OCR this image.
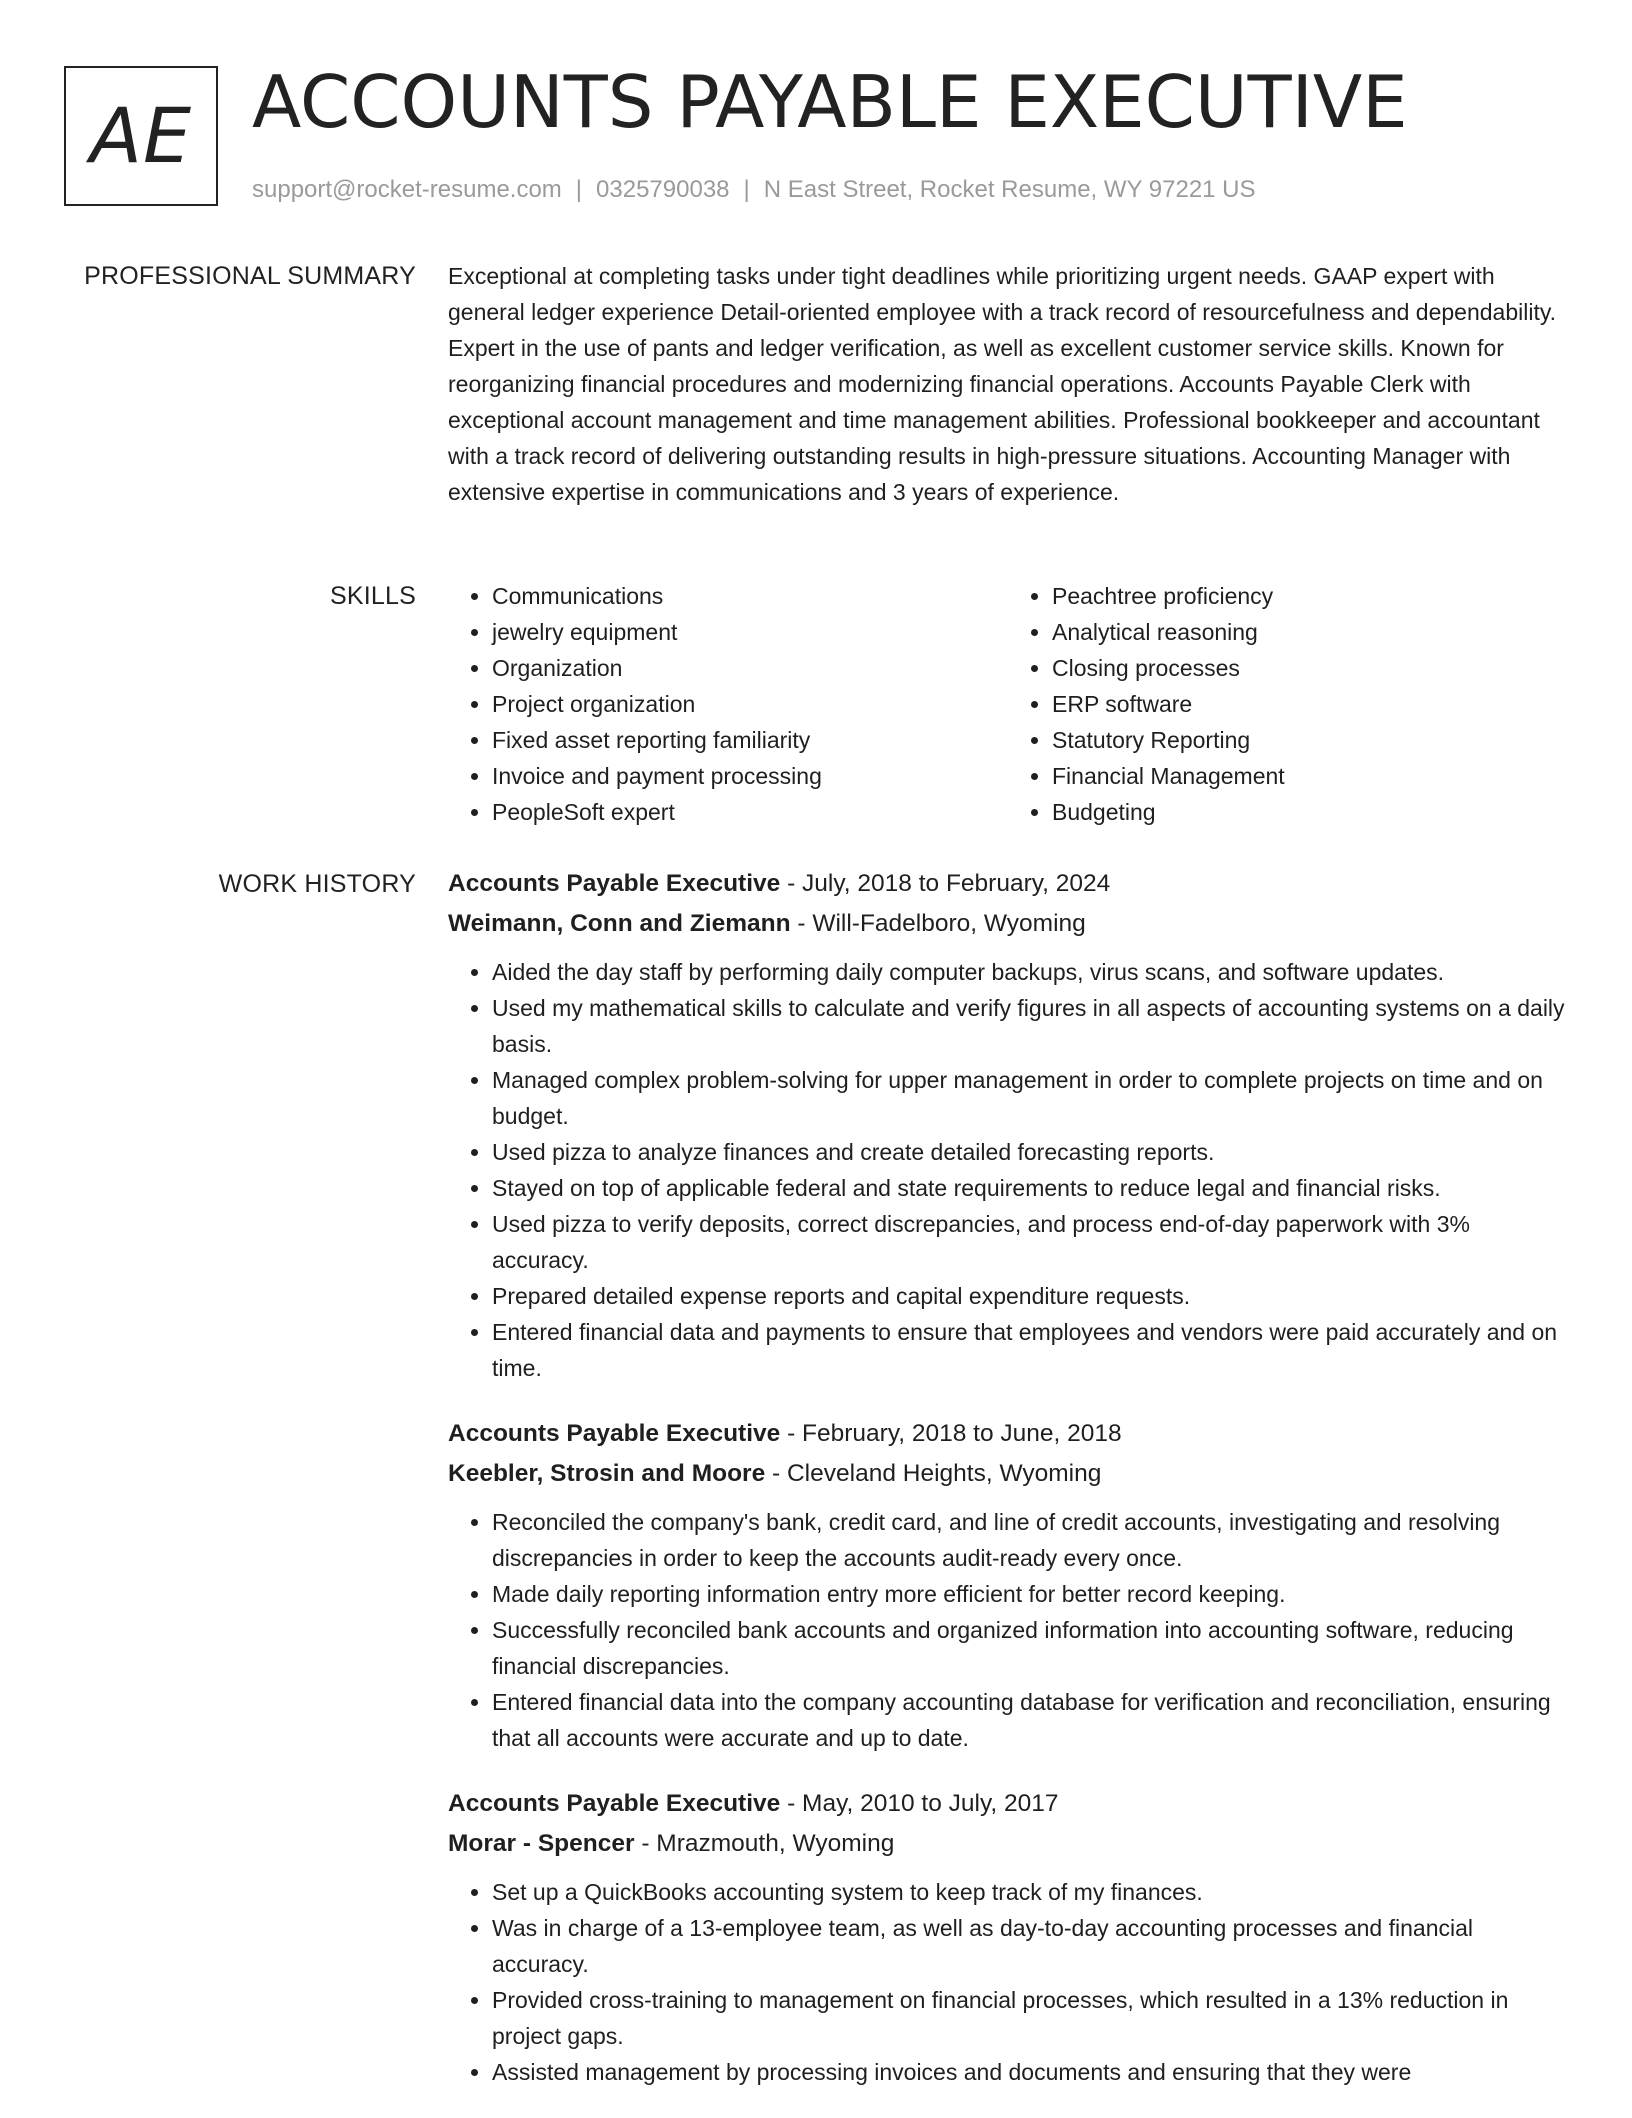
AE ACCOUNTS PAYABLE EXECUTIVE
support@rocket-resume.com | 0325790038 | N East Street, Rocket Resume, WY 97221 US
PROFESSIONAL SUMMARY Exceptional at completing tasks under tight deadlines while prioritizing urgent needs. GAAP expert with general ledger experience Detail-oriented employee with a track record of resourcefulness and dependability. Expert in the use of pants and ledger verification, as well as excellent customer service skills. Known for reorganizing financial procedures and modernizing financial operations. Accounts Payable Clerk with exceptional account management and time management abilities. Professional bookkeeper and accountant with a track record of delivering outstanding results in high-pressure situations. Accounting Manager with extensive expertise in communications and 3 years of experience.

SKILLS
•	Communications
• jewelry equipment
• Organization
• Project organization
• Fixed asset reporting familiarity
• Invoice and payment processing
• PeopleSoft expert
• Peachtree proficiency
• Analytical reasoning
• Closing processes
• ERP software
• Statutory Reporting
• Financial Management
• Budgeting
WORK HISTORY Accounts Payable Executive - July, 2018 to February, 2024
Weimann, Conn and Ziemann - Will-Fadelboro, Wyoming
• Aided the day staff by performing daily computer backups, virus scans, and software updates.
• Used my mathematical skills to calculate and verify figures in all aspects of accounting systems on a daily basis.
• Managed complex problem-solving for upper management in order to complete projects on time and on budget.
• Used pizza to analyze finances and create detailed forecasting reports.
• Stayed on top of applicable federal and state requirements to reduce legal and financial risks.
• Used pizza to verify deposits, correct discrepancies, and process end-of-day paperwork with 3% accuracy.
• Prepared detailed expense reports and capital expenditure requests.
• Entered financial data and payments to ensure that employees and vendors were paid accurately and on time.
Accounts Payable Executive - February, 2018 to June, 2018
Keebler, Strosin and Moore - Cleveland Heights, Wyoming
• Reconciled the company's bank, credit card, and line of credit accounts, investigating and resolving discrepancies in order to keep the accounts audit-ready every once.
• Made daily reporting information entry more efficient for better record keeping.
• Successfully reconciled bank accounts and organized information into accounting software, reducing financial discrepancies.
• Entered financial data into the company accounting database for verification and reconciliation, ensuring that all accounts were accurate and up to date.
Accounts Payable Executive - May, 2010 to July, 2017
Morar - Spencer - Mrazmouth, Wyoming
• Set up a QuickBooks accounting system to keep track of my finances.
• Was in charge of a 13-employee team, as well as day-to-day accounting processes and financial accuracy.
• Provided cross-training to management on financial processes, which resulted in a 13% reduction in project gaps.
• Assisted management by processing invoices and documents and ensuring that they were
